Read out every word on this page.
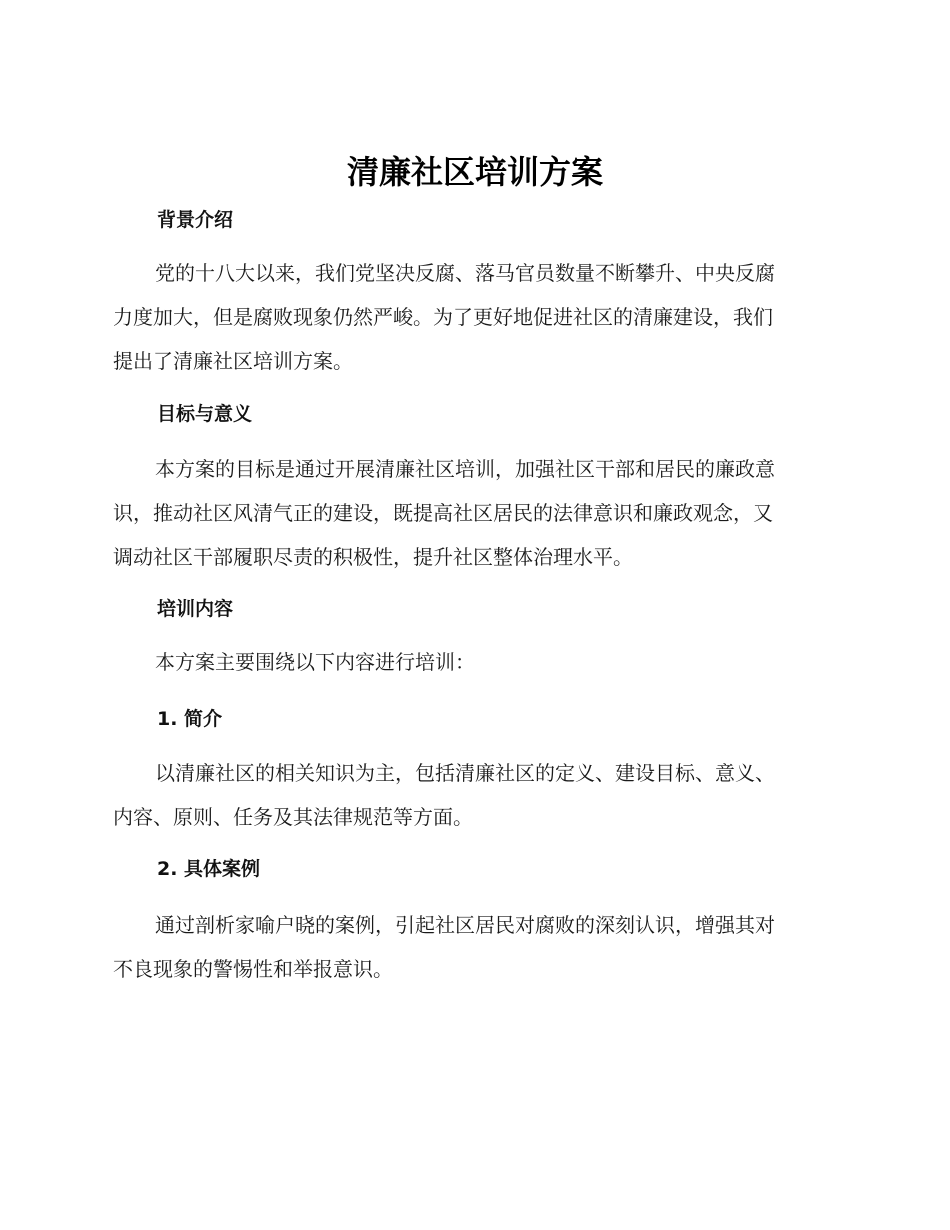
清廉社区培训方案
背景介绍
党的十八大以来，我们党坚决反腐、落马官员数量不断攀升、中央反腐
力度加大，但是腐败现象仍然严峻。为了更好地促进社区的清廉建设，我们
提出了清廉社区培训方案。
目标与意义
本方案的目标是通过开展清廉社区培训，加强社区干部和居民的廉政意
识，推动社区风清气正的建设，既提高社区居民的法律意识和廉政观念，又
调动社区干部履职尽责的积极性，提升社区整体治理水平。
培训内容
本方案主要围绕以下内容进行培训：
1. 简介
以清廉社区的相关知识为主，包括清廉社区的定义、建设目标、意义、
内容、原则、任务及其法律规范等方面。
2. 具体案例
通过剖析家喻户晓的案例，引起社区居民对腐败的深刻认识，增强其对
不良现象的警惕性和举报意识。
